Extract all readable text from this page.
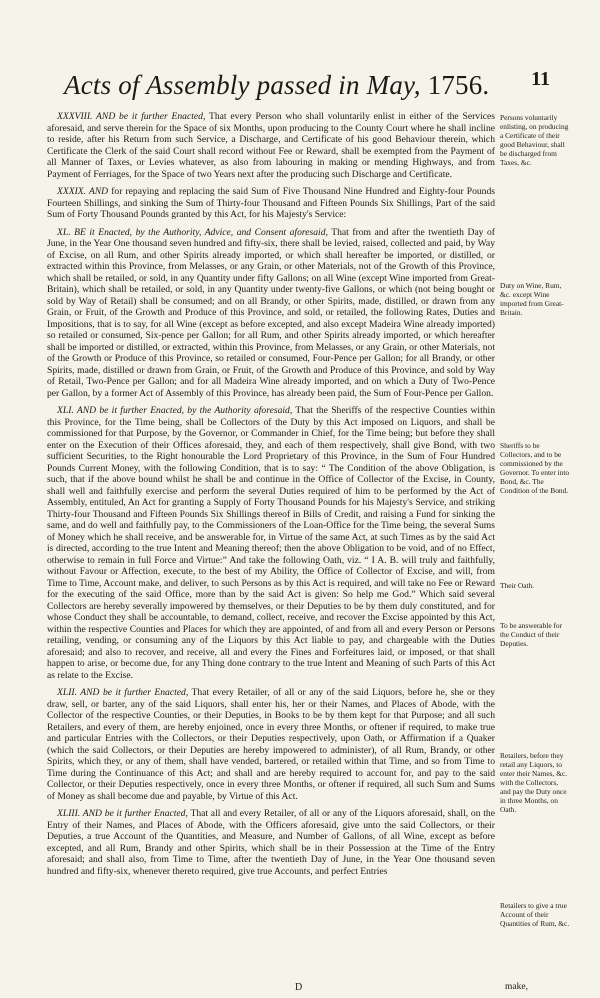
Acts of Assembly passed in May, 1756. 11

XXXVIII. AND be it further Enacted, That every Person who shall voluntarily enlist in either of the Services aforesaid, and serve therein for the Space of six Months, upon producing to the County Court where he shall incline to reside, after his Return from such Service, a Discharge, and Certificate of his good Behaviour therein, which Certificate the Clerk of the said Court shall record without Fee or Reward, shall be exempted from the Payment of all Manner of Taxes, or Levies whatever, as also from labouring in making or mending Highways, and from Payment of Ferriages, for the Space of two Years next after the producing such Discharge and Certificate.

XXXIX. AND for repaying and replacing the said Sum of Five Thousand Nine Hundred and Eighty-four Pounds Fourteen Shillings, and sinking the Sum of Thirty-four Thousand and Fifteen Pounds Six Shillings, Part of the said Sum of Forty Thousand Pounds granted by this Act, for his Majesty's Service:

XL. BE it Enacted, by the Authority, Advice, and Consent aforesaid, That from and after the twentieth Day of June, in the Year One thousand seven hundred and fifty-six, there shall be levied, raised, collected and paid, by Way of Excise, on all Rum, and other Spirits already imported, or which shall hereafter be imported, or distilled, or extracted within this Province, from Melasses, or any Grain, or other Materials, not of the Growth of this Province, which shall be retailed, or sold, in any Quantity under fifty Gallons; on all Wine (except Wine imported from Great-Britain), which shall be retailed, or sold, in any Quantity under twenty-five Gallons, or which (not being bought or sold by Way of Retail) shall be consumed; and on all Brandy, or other Spirits, made, distilled, or drawn from any Grain, or Fruit, of the Growth and Produce of this Province, and sold, or retailed, the following Rates, Duties and Impositions, that is to say, for all Wine (except as before excepted, and also except Madeira Wine already imported) so retailed or consumed, Six-pence per Gallon; for all Rum, and other Spirits already imported, or which hereafter shall be imported or distilled, or extracted, within this Province, from Melasses, or any Grain, or other Materials, not of the Growth or Produce of this Province, so retailed or consumed, Four-Pence per Gallon; for all Brandy, or other Spirits, made, distilled or drawn from Grain, or Fruit, of the Growth and Produce of this Province, and sold by Way of Retail, Two-Pence per Gallon; and for all Madeira Wine already imported, and on which a Duty of Two-Pence per Gallon, by a former Act of Assembly of this Province, has already been paid, the Sum of Four-Pence per Gallon.

XLI. AND be it further Enacted, by the Authority aforesaid, That the Sheriffs of the respective Counties within this Province, for the Time being, shall be Collectors of the Duty by this Act imposed on Liquors, and shall be commissioned for that Purpose, by the Governor, or Commander in Chief, for the Time being; but before they shall enter on the Execution of their Offices aforesaid, they, and each of them respectively, shall give Bond, with two sufficient Securities, to the Right honourable the Lord Proprietary of this Province, in the Sum of Four Hundred Pounds Current Money, with the following Condition, that is to say: “ The Condition of the above Obligation, is such, that if the above bound whilst he shall be and continue in the Office of Collector of the Excise, in County, shall well and faithfully exercise and perform the several Duties required of him to be performed by the Act of Assembly, entituled, An Act for granting a Supply of Forty Thousand Pounds for his Majesty's Service, and striking Thirty-four Thousand and Fifteen Pounds Six Shillings thereof in Bills of Credit, and raising a Fund for sinking the same, and do well and faithfully pay, to the Commissioners of the Loan-Office for the Time being, the several Sums of Money which he shall receive, and be answerable for, in Virtue of the same Act, at such Times as by the said Act is directed, according to the true Intent and Meaning thereof; then the above Obligation to be void, and of no Effect, otherwise to remain in full Force and Virtue:” And take the following Oath, viz. “ I A. B. will truly and faithfully, without Favour or Affection, execute, to the best of my Ability, the Office of Collector of Excise, and will, from Time to Time, Account make, and deliver, to such Persons as by this Act is required, and will take no Fee or Reward for the executing of the said Office, more than by the said Act is given: So help me God.” Which said several Collectors are hereby severally impowered by themselves, or their Deputies to be by them duly constituted, and for whose Conduct they shall be accountable, to demand, collect, receive, and recover the Excise appointed by this Act, within the respective Counties and Places for which they are appointed, of and from all and every Person or Persons retailing, vending, or consuming any of the Liquors by this Act liable to pay, and chargeable with the Duties aforesaid; and also to recover, and receive, all and every the Fines and Forfeitures laid, or imposed, or that shall happen to arise, or become due, for any Thing done contrary to the true Intent and Meaning of such Parts of this Act as relate to the Excise.

XLII. AND be it further Enacted, That every Retailer, of all or any of the said Liquors, before he, she or they draw, sell, or barter, any of the said Liquors, shall enter his, her or their Names, and Places of Abode, with the Collector of the respective Counties, or their Deputies, in Books to be by them kept for that Purpose; and all such Retailers, and every of them, are hereby enjoined, once in every three Months, or oftener if required, to make true and particular Entries with the Collectors, or their Deputies respectively, upon Oath, or Affirmation if a Quaker (which the said Collectors, or their Deputies are hereby impowered to administer), of all Rum, Brandy, or other Spirits, which they, or any of them, shall have vended, bartered, or retailed within that Time, and so from Time to Time during the Continuance of this Act; and shall and are hereby required to account for, and pay to the said Collector, or their Deputies respectively, once in every three Months, or oftener if required, all such Sum and Sums of Money as shall become due and payable, by Virtue of this Act.

XLIII. AND be it further Enacted, That all and every Retailer, of all or any of the Liquors aforesaid, shall, on the Entry of their Names, and Places of Abode, with the Officers aforesaid, give unto the said Collectors, or their Deputies, a true Account of the Quantities, and Measure, and Number of Gallons, of all Wine, except as before excepted, and all Rum, Brandy and other Spirits, which shall be in their Possession at the Time of the Entry aforesaid; and shall also, from Time to Time, after the twentieth Day of June, in the Year One thousand seven hundred and fifty-six, whenever thereto required, give true Accounts, and perfect Entries

Persons voluntarily enlisting, on producing a Certificate of their good Behaviour, shall be discharged from Taxes, &c.
Duty on Wine, Rum, &c. except Wine imported from Great-Britain.
Sheriffs to be Collectors, and to be commissioned by the Governor. To enter into Bond, &c. The Condition of the Bond.
Their Oath.
To be answerable for the Conduct of their Deputies.
Retailers, before they retail any Liquors, to enter their Names, &c. with the Collectors, and pay the Duty once in three Months, on Oath.
Retailers to give a true Account of their Quantities of Rum, &c.
D	make,
